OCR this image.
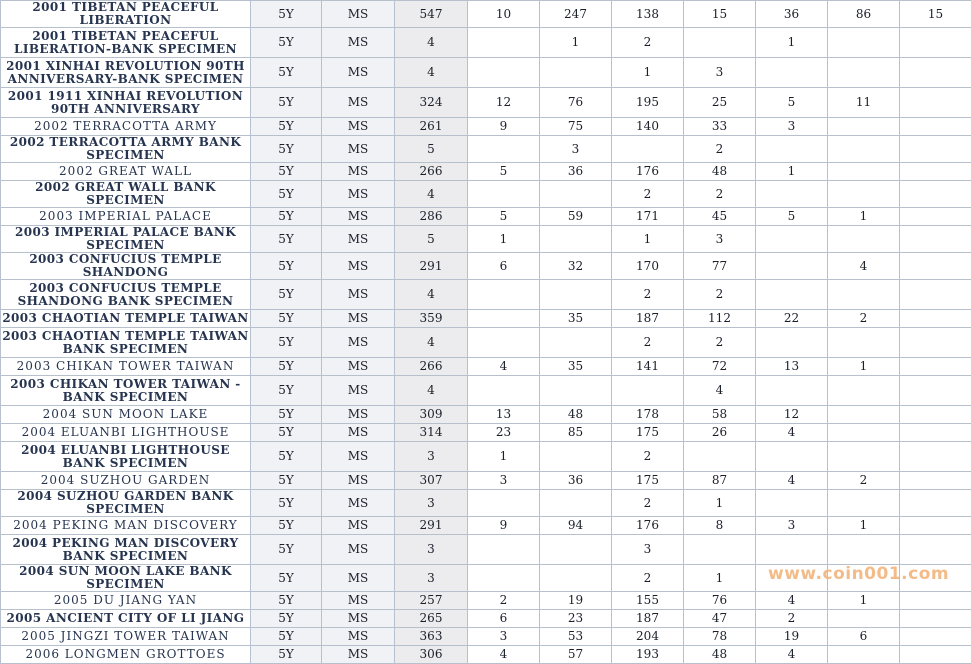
2001 TIBETAN PEACEFUL LIBERATION	5Y	MS	547	10	247	138	15	36	86	15
2001 TIBETAN PEACEFUL LIBERATION-BANK SPECIMEN	5Y	MS	4		1	2		1		
2001 XINHAI REVOLUTION 90TH ANNIVERSARY-BANK SPECIMEN	5Y	MS	4			1	3			
2001 1911 XINHAI REVOLUTION 90TH ANNIVERSARY	5Y	MS	324	12	76	195	25	5	11	
2002 TERRACOTTA ARMY	5Y	MS	261	9	75	140	33	3		
2002 TERRACOTTA ARMY BANK SPECIMEN	5Y	MS	5		3		2			
2002 GREAT WALL	5Y	MS	266	5	36	176	48	1		
2002 GREAT WALL BANK SPECIMEN	5Y	MS	4			2	2			
2003 IMPERIAL PALACE	5Y	MS	286	5	59	171	45	5	1	
2003 IMPERIAL PALACE BANK SPECIMEN	5Y	MS	5	1		1	3			
2003 CONFUCIUS TEMPLE SHANDONG	5Y	MS	291	6	32	170	77		4	
2003 CONFUCIUS TEMPLE SHANDONG BANK SPECIMEN	5Y	MS	4			2	2			
2003 CHAOTIAN TEMPLE TAIWAN	5Y	MS	359		35	187	112	22	2	
2003 CHAOTIAN TEMPLE TAIWAN BANK SPECIMEN	5Y	MS	4			2	2			
2003 CHIKAN TOWER TAIWAN	5Y	MS	266	4	35	141	72	13	1	
2003 CHIKAN TOWER TAIWAN - BANK SPECIMEN	5Y	MS	4				4			
2004 SUN MOON LAKE	5Y	MS	309	13	48	178	58	12		
2004 ELUANBI LIGHTHOUSE	5Y	MS	314	23	85	175	26	4		
2004 ELUANBI LIGHTHOUSE BANK SPECIMEN	5Y	MS	3	1		2				
2004 SUZHOU GARDEN	5Y	MS	307	3	36	175	87	4	2	
2004 SUZHOU GARDEN BANK SPECIMEN	5Y	MS	3			2	1			
2004 PEKING MAN DISCOVERY	5Y	MS	291	9	94	176	8	3	1	
2004 PEKING MAN DISCOVERY BANK SPECIMEN	5Y	MS	3			3				
2004 SUN MOON LAKE BANK SPECIMEN	5Y	MS	3			2	1			
2005 DU JIANG YAN	5Y	MS	257	2	19	155	76	4	1	
2005 ANCIENT CITY OF LI JIANG	5Y	MS	265	6	23	187	47	2		
2005 JINGZI TOWER TAIWAN	5Y	MS	363	3	53	204	78	19	6	
2006 LONGMEN GROTTOES	5Y	MS	306	4	57	193	48	4		
www.coin001.com
